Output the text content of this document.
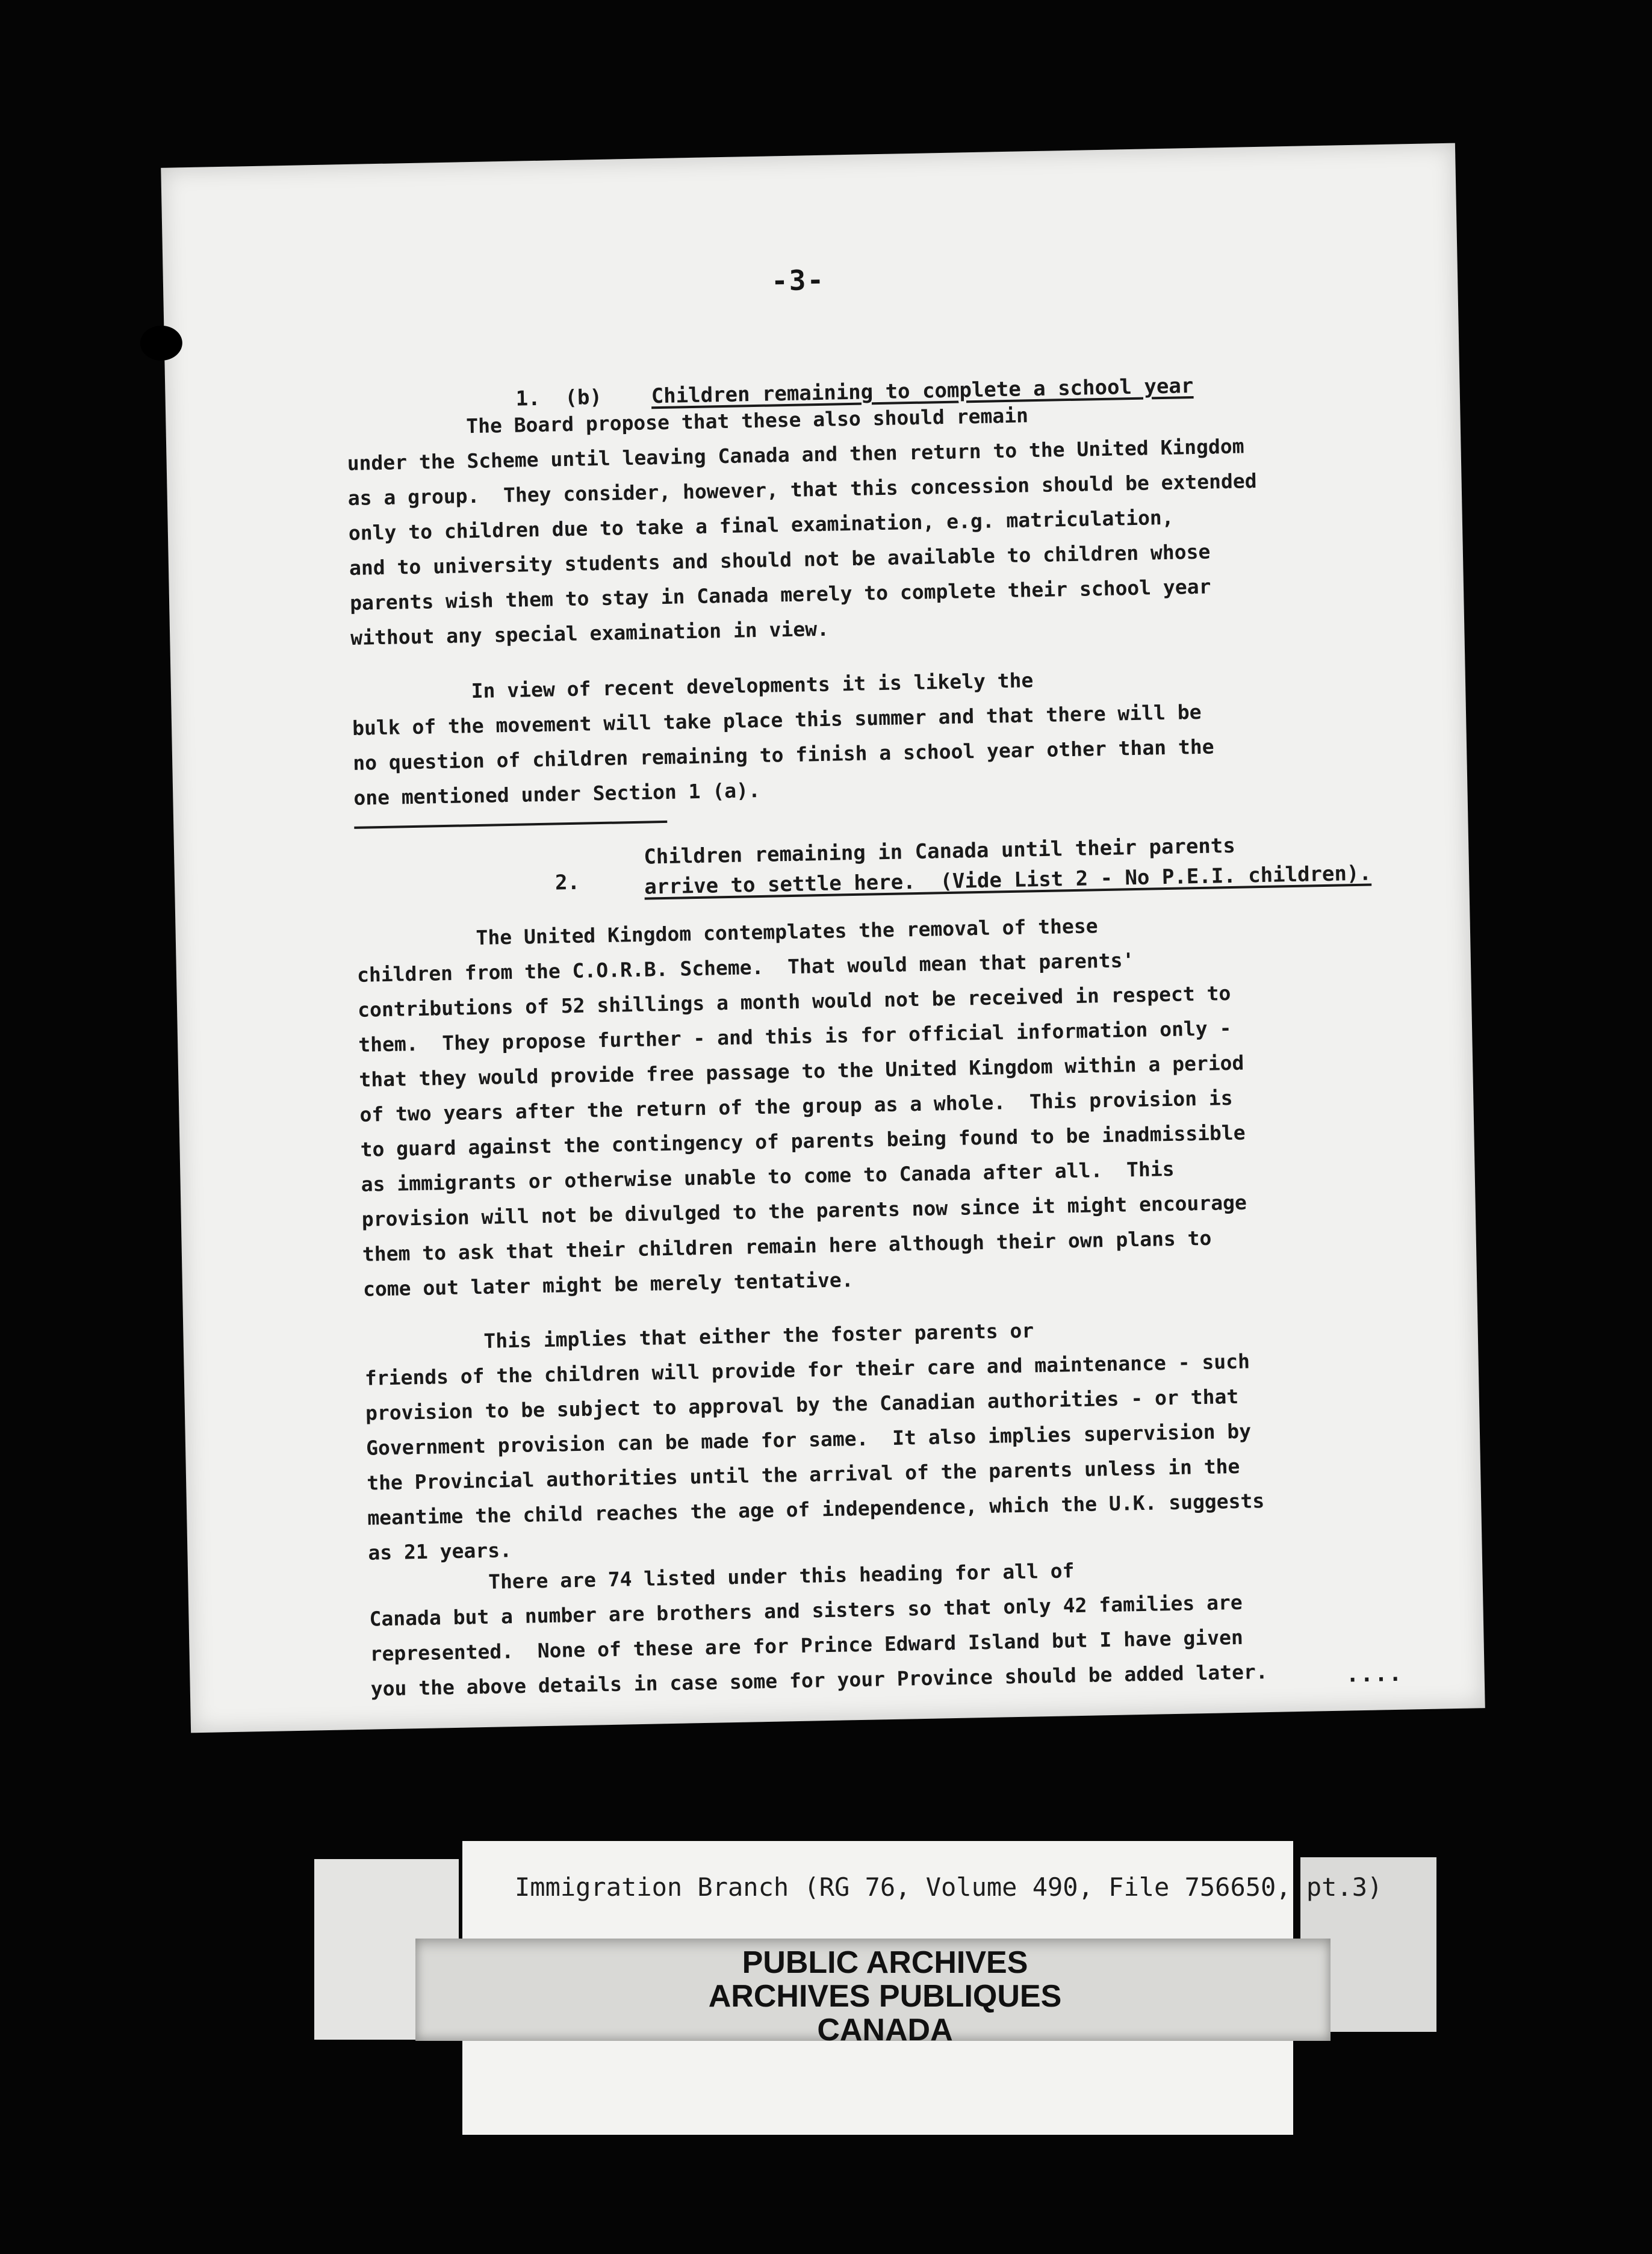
-3-

1.  (b) Children remaining to complete a school year

The Board propose that these also should remain
under the Scheme until leaving Canada and then return to the United Kingdom
as a group.  They consider, however, that this concession should be extended
only to children due to take a final examination, e.g. matriculation,
and to university students and should not be available to children whose
parents wish them to stay in Canada merely to complete their school year
without any special examination in view.
In view of recent developments it is likely the
bulk of the movement will take place this summer and that there will be
no question of children remaining to finish a school year other than the
one mentioned under Section 1 (a).

2.

Children remaining in Canada until their parents
arrive to settle here.  (Vide List 2 - No P.E.I. children).
The United Kingdom contemplates the removal of these
children from the C.O.R.B. Scheme.  That would mean that parents'
contributions of 52 shillings a month would not be received in respect to
them.  They propose further - and this is for official information only -
that they would provide free passage to the United Kingdom within a period
of two years after the return of the group as a whole.  This provision is
to guard against the contingency of parents being found to be inadmissible
as immigrants or otherwise unable to come to Canada after all.  This
provision will not be divulged to the parents now since it might encourage
them to ask that their children remain here although their own plans to
come out later might be merely tentative.
This implies that either the foster parents or
friends of the children will provide for their care and maintenance - such
provision to be subject to approval by the Canadian authorities - or that
Government provision can be made for same.  It also implies supervision by
the Provincial authorities until the arrival of the parents unless in the
meantime the child reaches the age of independence, which the U.K. suggests
as 21 years.
There are 74 listed under this heading for all of
Canada but a number are brothers and sisters so that only 42 families are
represented.  None of these are for Prince Edward Island but I have given
you the above details in case some for your Province should be added later.	....
Immigration Branch (RG 76, Volume 490, File 756650, pt.3)
PUBLIC ARCHIVES
ARCHIVES PUBLIQUES
CANADA
